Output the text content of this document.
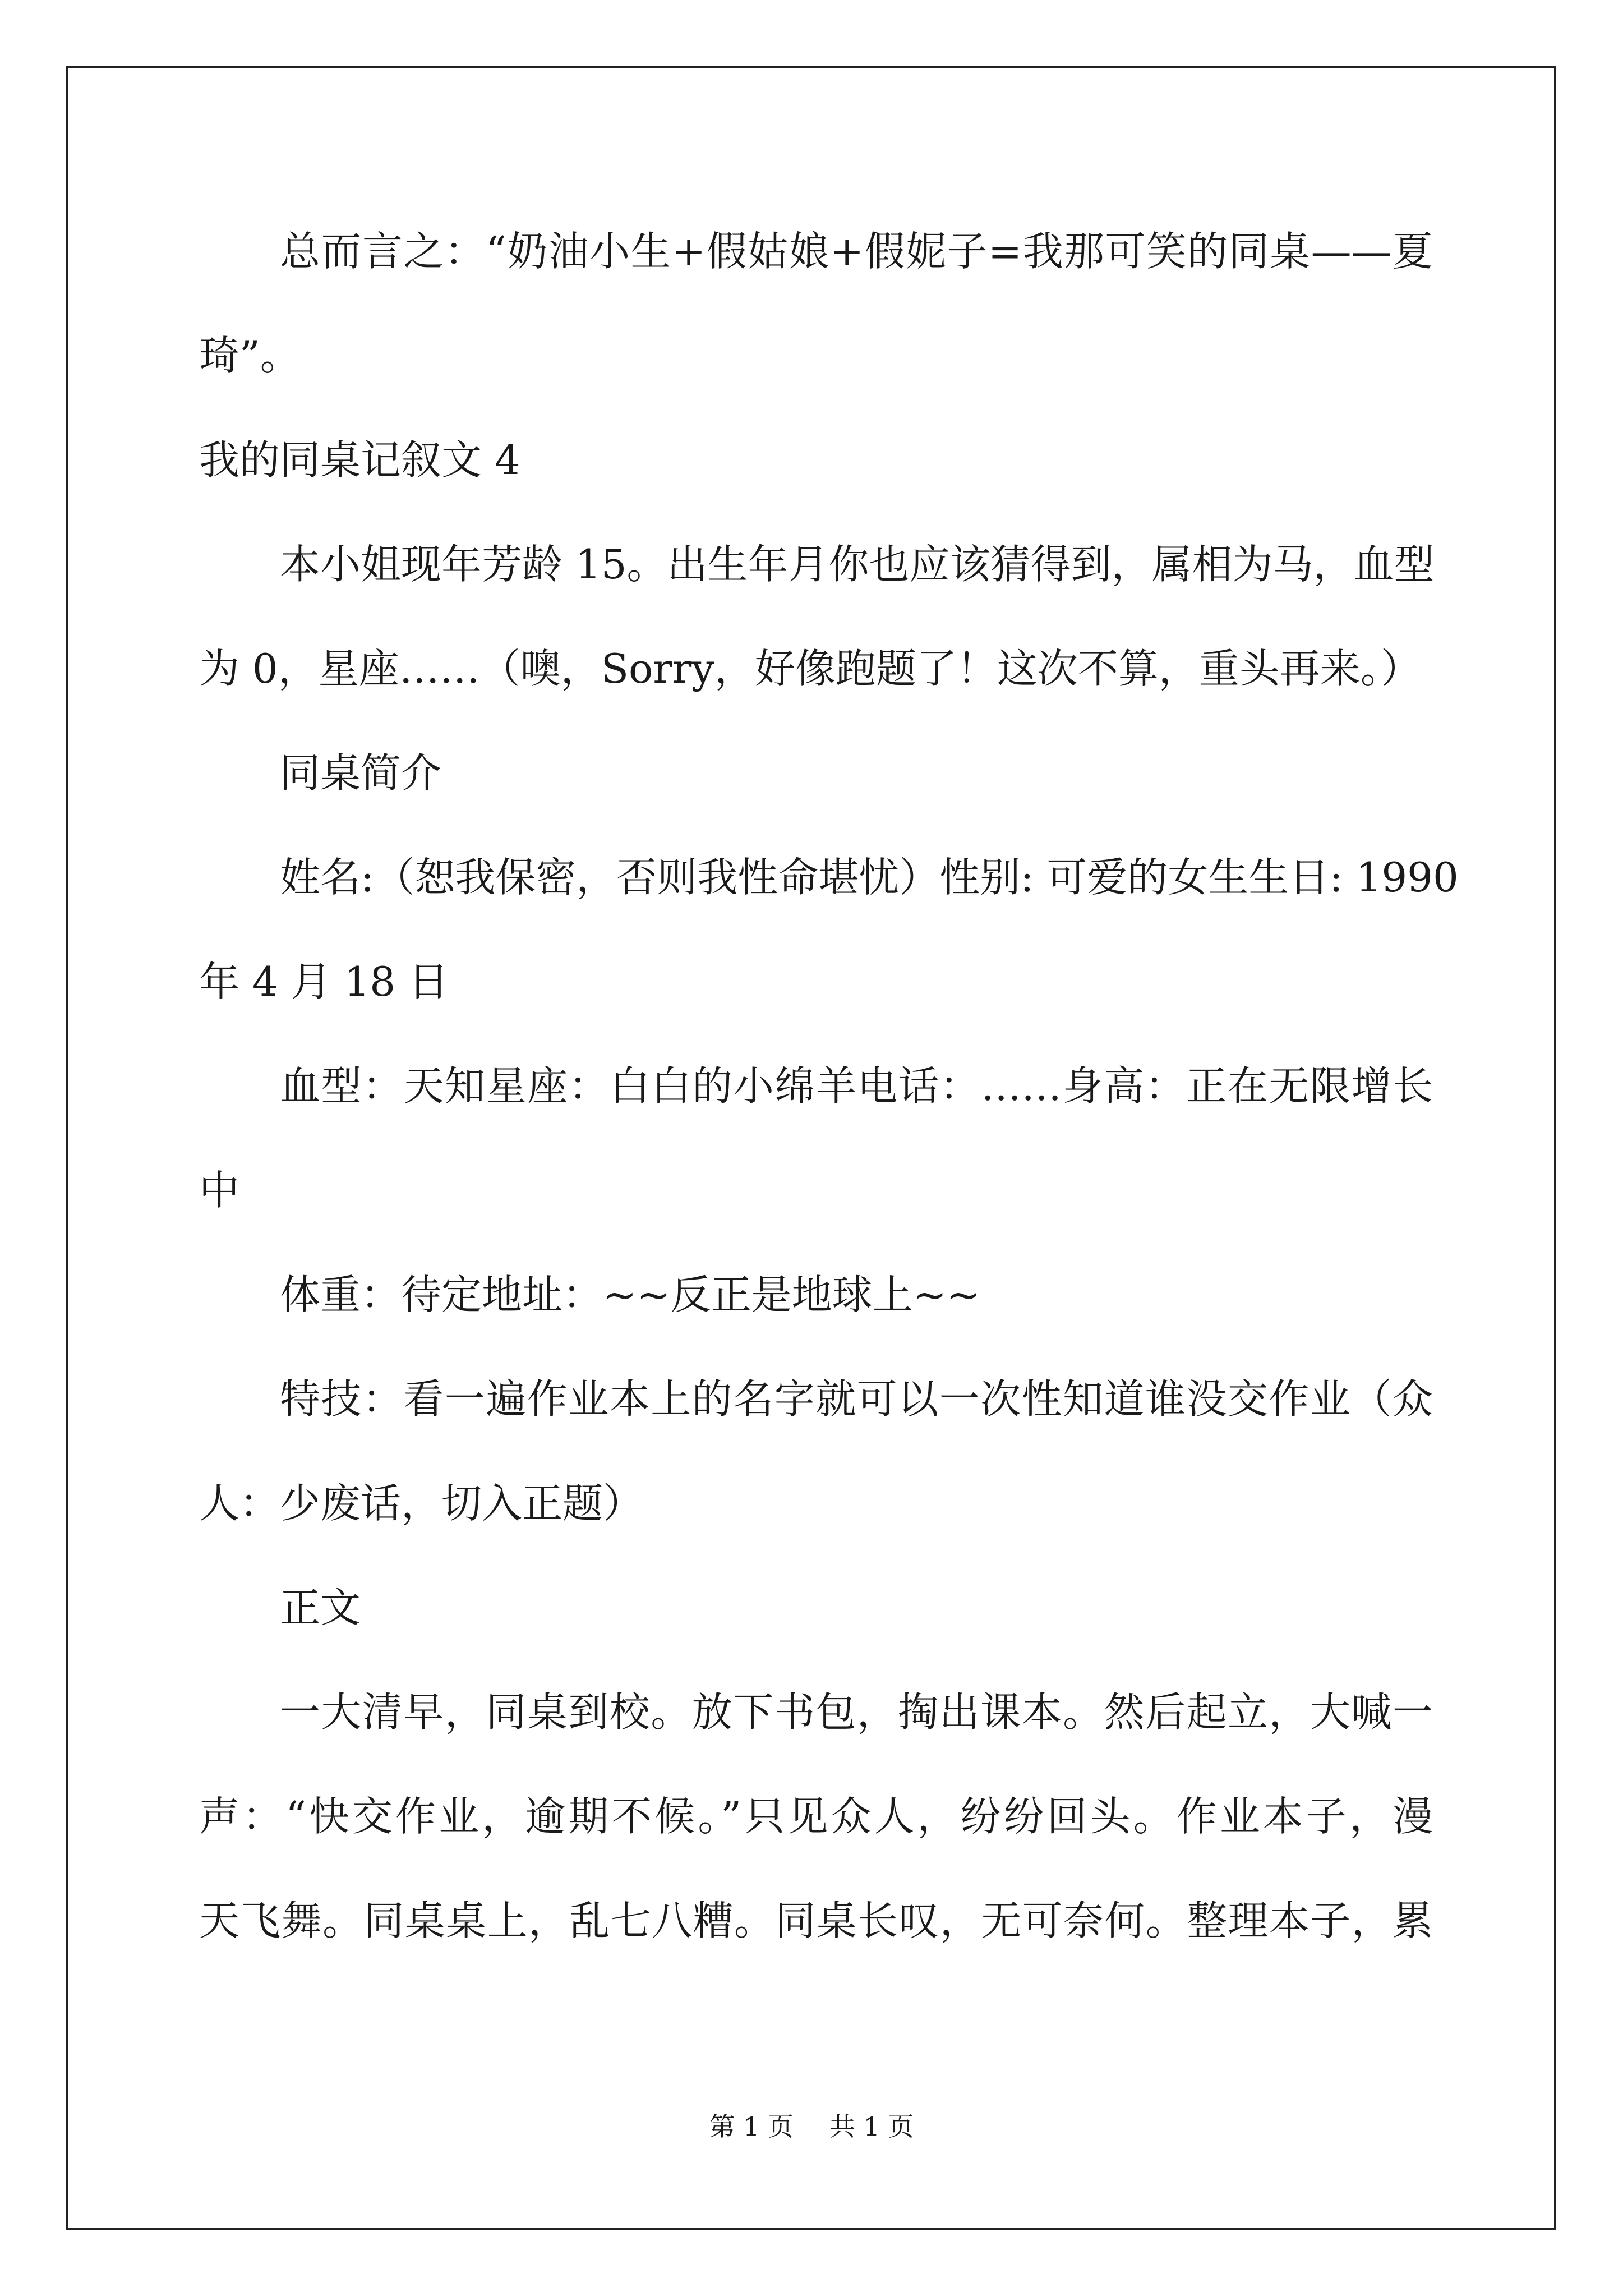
总而言之：“奶油小生+假姑娘+假妮子=我那可笑的同桌——夏
琦”。
我的同桌记叙文 4
本小姐现年芳龄 15。出生年月你也应该猜得到，属相为马，血型
为 0，星座……（噢，Sorry，好像跑题了！这次不算，重头再来。）
同桌简介
姓名:（恕我保密，否则我性命堪忧）性别: 可爱的女生生日: 1990
年 4 月 18 日
血型：天知星座：白白的小绵羊电话：……身高：正在无限增长
中
体重：待定地址：~~反正是地球上~~
特技：看一遍作业本上的名字就可以一次性知道谁没交作业（众
人：少废话，切入正题）
正文
一大清早，同桌到校。放下书包，掏出课本。然后起立，大喊一
声：“快交作业，逾期不候。”只见众人，纷纷回头。作业本子，漫
天飞舞。同桌桌上，乱七八糟。同桌长叹，无可奈何。整理本子，累
第 1 页 共 1 页
